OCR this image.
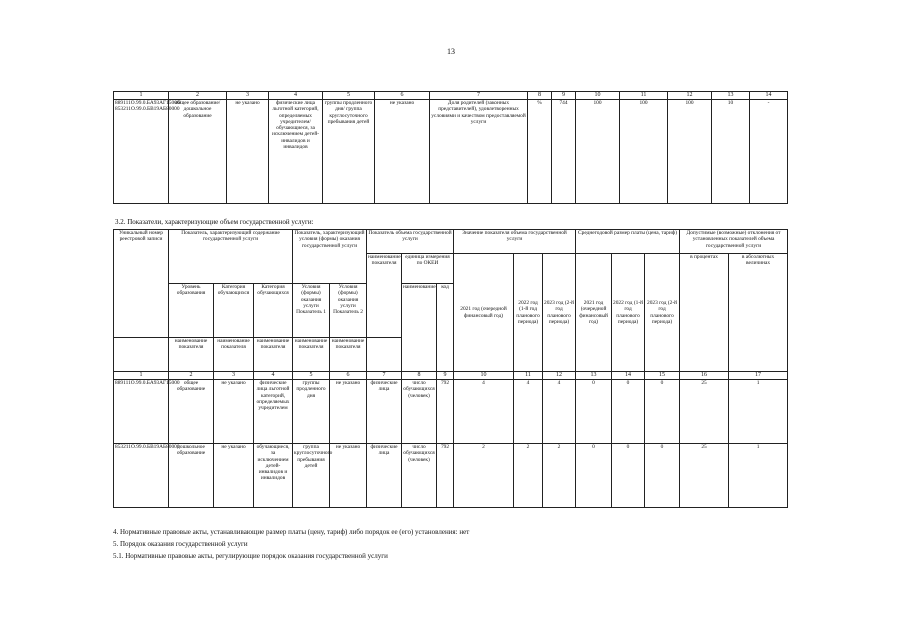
13
1	2	3	4	5	6	7	8	9	10	11	12	13	14
889111О.99.0.БА93АГ15000/ 853211О.99.0.БВ19АБ80000	общее образование/ дошкольное образование	не указано	физические лица льготной категорий, определяемых учредителем/ обучающиеся, за исключением детей-инвалидов и инвалидов	группы продленного дня/ группа круглосуточного пребывания детей	не указано	Доля родителей (законных представителей), удовлетворенных условиями и качеством предоставляемой услуги	%	744	100	100	100	10	-
3.2. Показатели, характеризующие объем государственной услуги:
Уникальный номер реестровой записи	Показатель, характеризующий содержание государственной услуги			Показатель, характеризующий условия (формы) оказания государственной услуги		Показатель объема государственной услуги			Значение показателя объема государственной услуги			Среднегодовой размер платы (цена, тариф)			Допустимые (возможные) отклонения от установленных показателей объема государственной услуги	
						наименование показателя	единица измерения по ОКЕИ		2021 год (очередной финансовый год)	2022 год (1-й год планового периода)	2023 год (2-й год планового периода)	2021 год (очередной финансовый год)	2022 год (1-й год планового периода)	2023 год (2-й год планового периода)	в процентах	в абсолютных величинах
	Уровень образования	Категория обучающихся	Категория обучающихся	Условия (формы) оказания услуги Показатель 1	Условия (формы) оказания услуги Показатель 2		наименование	код								
	наименование показателя	наименование показателя	наименование показателя	наименование показателя	наименование показателя											
1	2	3	4	5	6	7	8	9	10	11	12	13	14	15	16	17
889111О.99.0.БА93АГ15000	общее образование	не указано	физические лица льготной категорий, определяемых учредителем	группы продленного дня	не указано	физические лица	число обучающихся (человек)	792	4	4	4	0	0	0	25	1
853211О.99.0.БВ19АБ80000	дошкольное образование	не указано	обучающиеся, за исключением детей-инвалидов и инвалидов	группа круглосуточного пребывания детей	не указано	физические лица	число обучающихся (человек)	792	2	2	2	0	0	0	25	1
4. Нормативные правовые акты, устанавливающие размер платы (цену, тариф) либо порядок ее (его) установления: нет
5. Порядок оказания государственной услуги
5.1. Нормативные правовые акты, регулирующие порядок оказания государственной услуги
